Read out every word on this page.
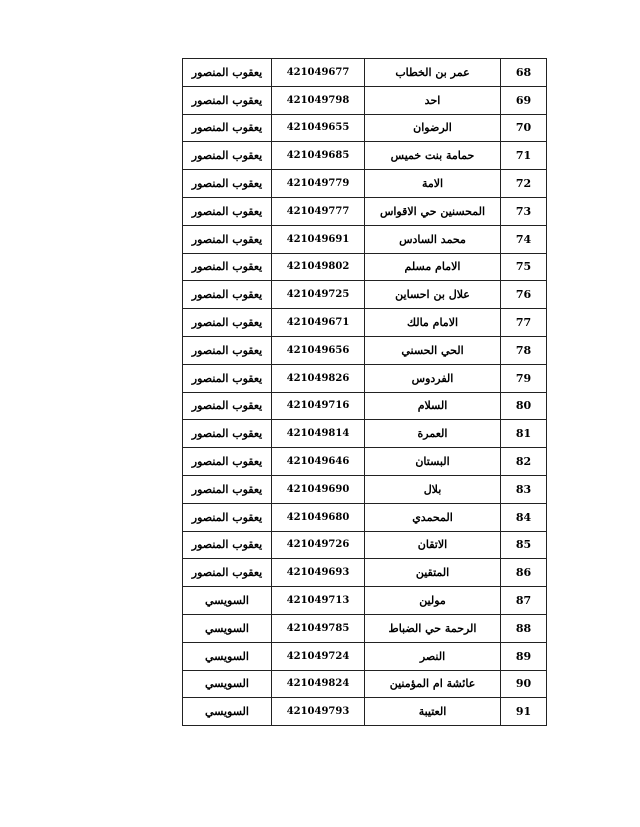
68	عمر بن الخطاب	421049677	يعقوب المنصور
69	احد	421049798	يعقوب المنصور
70	الرضوان	421049655	يعقوب المنصور
71	حمامة بنت خميس	421049685	يعقوب المنصور
72	الامة	421049779	يعقوب المنصور
73	المحسنين حي الاقواس	421049777	يعقوب المنصور
74	محمد السادس	421049691	يعقوب المنصور
75	الامام مسلم	421049802	يعقوب المنصور
76	علال بن احساين	421049725	يعقوب المنصور
77	الامام مالك	421049671	يعقوب المنصور
78	الحي الحسني	421049656	يعقوب المنصور
79	الفردوس	421049826	يعقوب المنصور
80	السلام	421049716	يعقوب المنصور
81	العمرة	421049814	يعقوب المنصور
82	البستان	421049646	يعقوب المنصور
83	بلال	421049690	يعقوب المنصور
84	المحمدي	421049680	يعقوب المنصور
85	الاتقان	421049726	يعقوب المنصور
86	المتقين	421049693	يعقوب المنصور
87	مولين	421049713	السويسي
88	الرحمة حي الضباط	421049785	السويسي
89	النصر	421049724	السويسي
90	عائشة ام المؤمنين	421049824	السويسي
91	العتيبة	421049793	السويسي
